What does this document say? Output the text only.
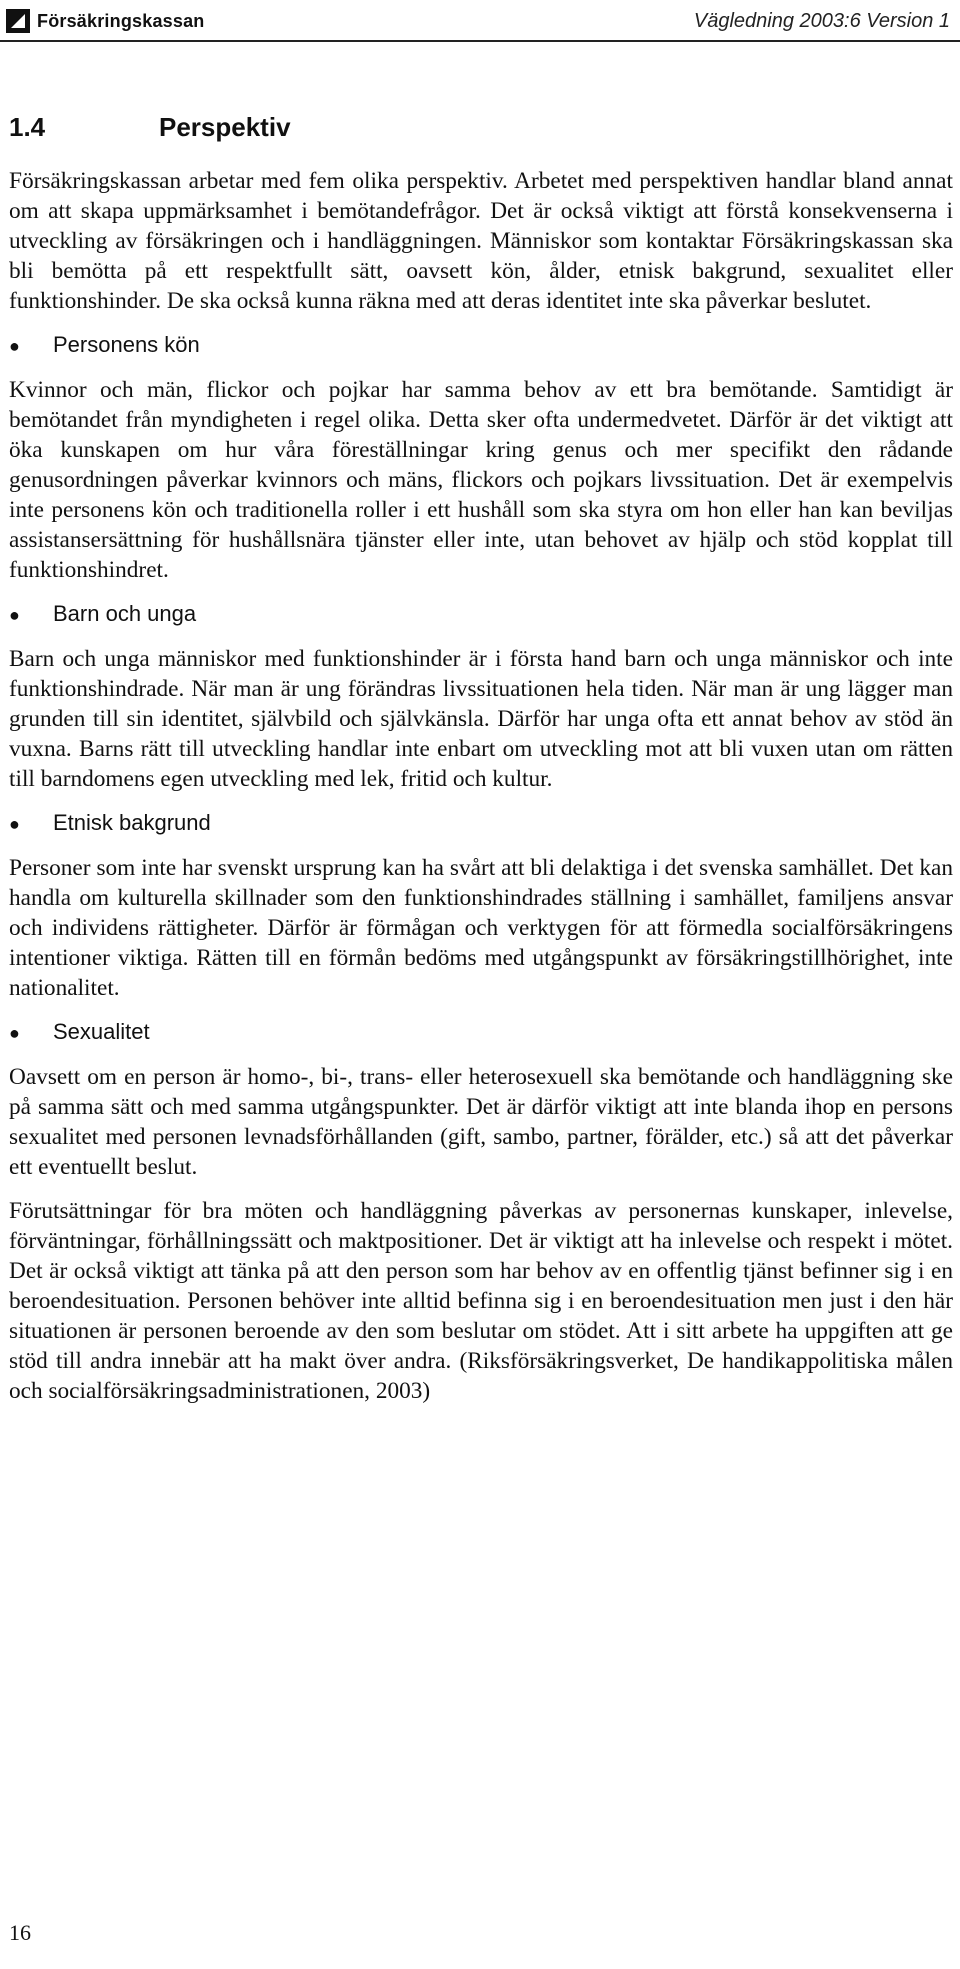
Försäkringskassan	Vägledning 2003:6 Version 1
1.4	Perspektiv

Försäkringskassan arbetar med fem olika perspektiv. Arbetet med perspektiven handlar bland annat om att skapa uppmärksamhet i bemötandefrågor. Det är också viktigt att förstå konsekvenserna i utveckling av försäkringen och i handläggningen. Människor som kontaktar Försäkringskassan ska bli bemötta på ett respektfullt sätt, oavsett kön, ålder, etnisk bakgrund, sexualitet eller funktionshinder. De ska också kunna räkna med att deras identitet inte ska påverkar beslutet.

●	Personens kön

Kvinnor och män, flickor och pojkar har samma behov av ett bra bemötande. Samtidigt är bemötandet från myndigheten i regel olika. Detta sker ofta undermedvetet. Därför är det viktigt att öka kunskapen om hur våra föreställningar kring genus och mer specifikt den rådande genusordningen påverkar kvinnors och mäns, flickors och pojkars livssituation. Det är exempelvis inte personens kön och traditionella roller i ett hushåll som ska styra om hon eller han kan beviljas assistansersättning för hushållsnära tjänster eller inte, utan behovet av hjälp och stöd kopplat till funktionshindret.

●	Barn och unga

Barn och unga människor med funktionshinder är i första hand barn och unga människor och inte funktionshindrade. När man är ung förändras livssituationen hela tiden. När man är ung lägger man grunden till sin identitet, självbild och självkänsla. Därför har unga ofta ett annat behov av stöd än vuxna. Barns rätt till utveckling handlar inte enbart om utveckling mot att bli vuxen utan om rätten till barndomens egen utveckling med lek, fritid och kultur.

●	Etnisk bakgrund

Personer som inte har svenskt ursprung kan ha svårt att bli delaktiga i det svenska samhället. Det kan handla om kulturella skillnader som den funktionshindrades ställning i samhället, familjens ansvar och individens rättigheter. Därför är förmågan och verktygen för att förmedla socialförsäkringens intentioner viktiga. Rätten till en förmån bedöms med utgångspunkt av försäkringstillhörighet, inte nationalitet.

●	Sexualitet

Oavsett om en person är homo-, bi-, trans- eller heterosexuell ska bemötande och handläggning ske på samma sätt och med samma utgångspunkter. Det är därför viktigt att inte blanda ihop en persons sexualitet med personen levnadsförhållanden (gift, sambo, partner, förälder, etc.) så att det påverkar ett eventuellt beslut.

Förutsättningar för bra möten och handläggning påverkas av personernas kunskaper, inlevelse, förväntningar, förhållningssätt och maktpositioner. Det är viktigt att ha inlevelse och respekt i mötet. Det är också viktigt att tänka på att den person som har behov av en offentlig tjänst befinner sig i en beroendesituation. Personen behöver inte alltid befinna sig i en beroendesituation men just i den här situationen är personen beroende av den som beslutar om stödet. Att i sitt arbete ha uppgiften att ge stöd till andra innebär att ha makt över andra. (Riksförsäkringsverket, De handikappolitiska målen och socialförsäkringsadministrationen, 2003)

16
